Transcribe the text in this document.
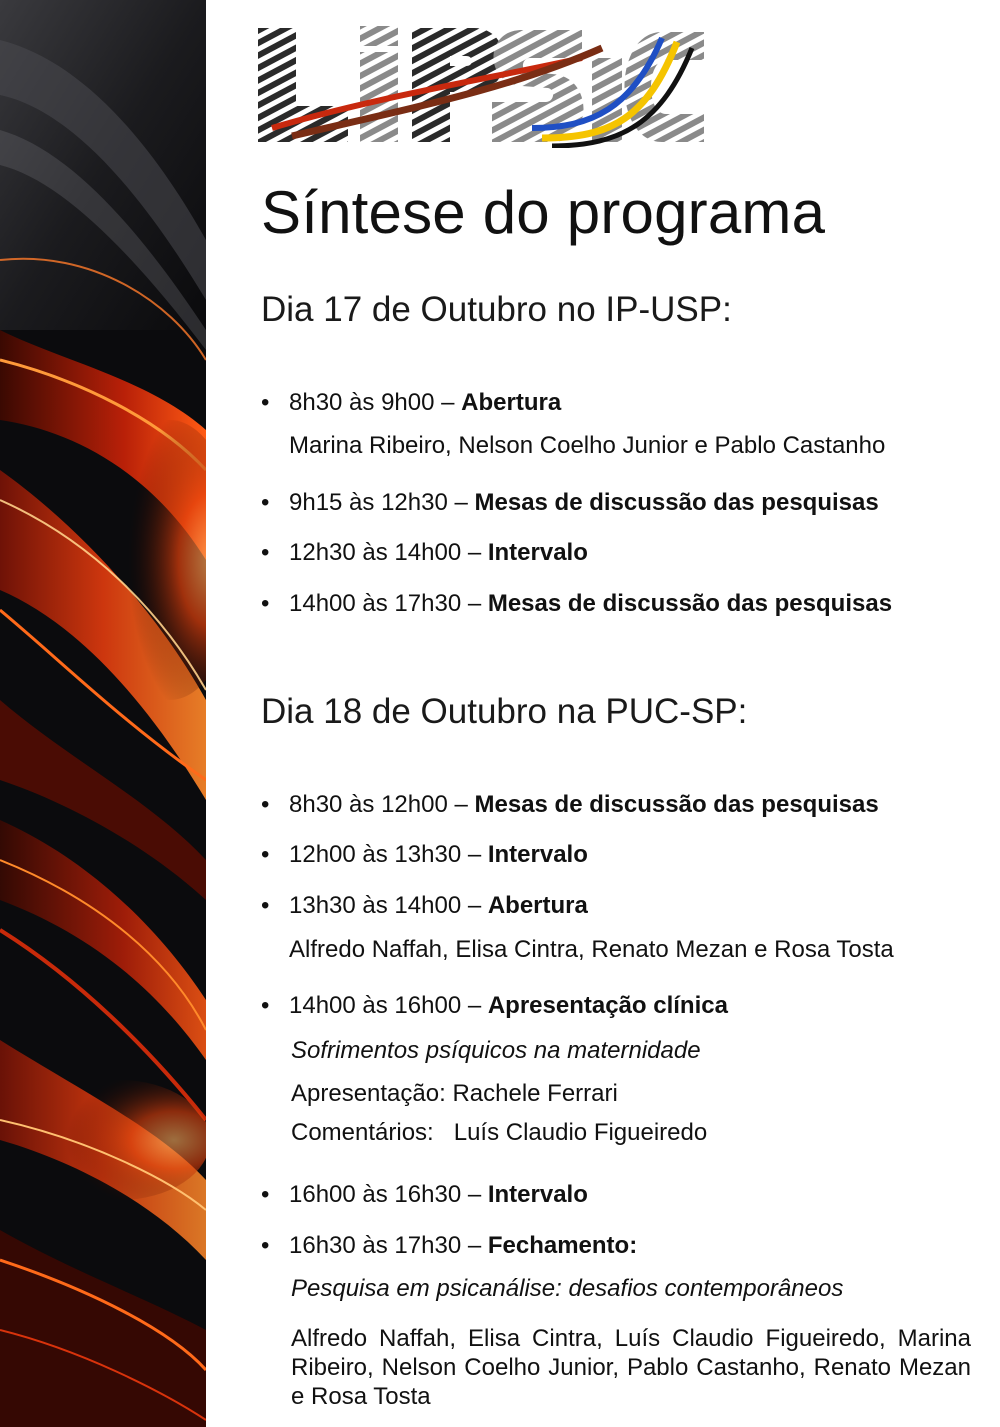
Síntese do programa
Dia 17 de Outubro no IP-USP:
• 8h30 às 9h00 – Abertura
Marina Ribeiro, Nelson Coelho Junior e Pablo Castanho
• 9h15 às 12h30 – Mesas de discussão das pesquisas
• 12h30 às 14h00 – Intervalo
• 14h00 às 17h30 – Mesas de discussão das pesquisas
Dia 18 de Outubro na PUC-SP:
• 8h30 às 12h00 – Mesas de discussão das pesquisas
• 12h00 às 13h30 – Intervalo
• 13h30 às 14h00 – Abertura
Alfredo Naffah, Elisa Cintra, Renato Mezan e Rosa Tosta
• 14h00 às 16h00 – Apresentação clínica
Sofrimentos psíquicos na maternidade
Apresentação: Rachele Ferrari
Comentários:   Luís Claudio Figueiredo
• 16h00 às 16h30 – Intervalo
• 16h30 às 17h30 – Fechamento:
Pesquisa em psicanálise: desafios contemporâneos
Alfredo Naffah, Elisa Cintra, Luís Claudio Figueiredo, Marina Ribeiro, Nelson Coelho Junior, Pablo Castanho, Renato Mezan e Rosa Tosta
